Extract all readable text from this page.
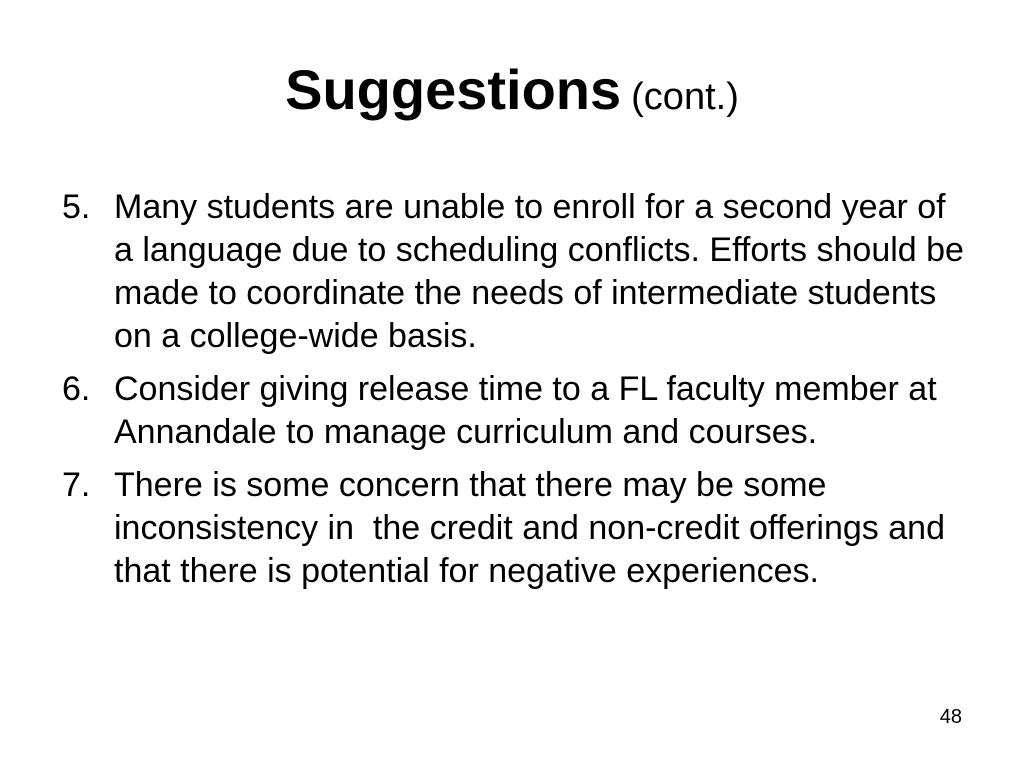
Suggestions (cont.)
5. Many students are unable to enroll for a second year of a language due to scheduling conflicts. Efforts should be made to coordinate the needs of intermediate students on a college-wide basis.
6. Consider giving release time to a FL faculty member at Annandale to manage curriculum and courses.
7. There is some concern that there may be some inconsistency in  the credit and non-credit offerings and that there is potential for negative experiences.
48
